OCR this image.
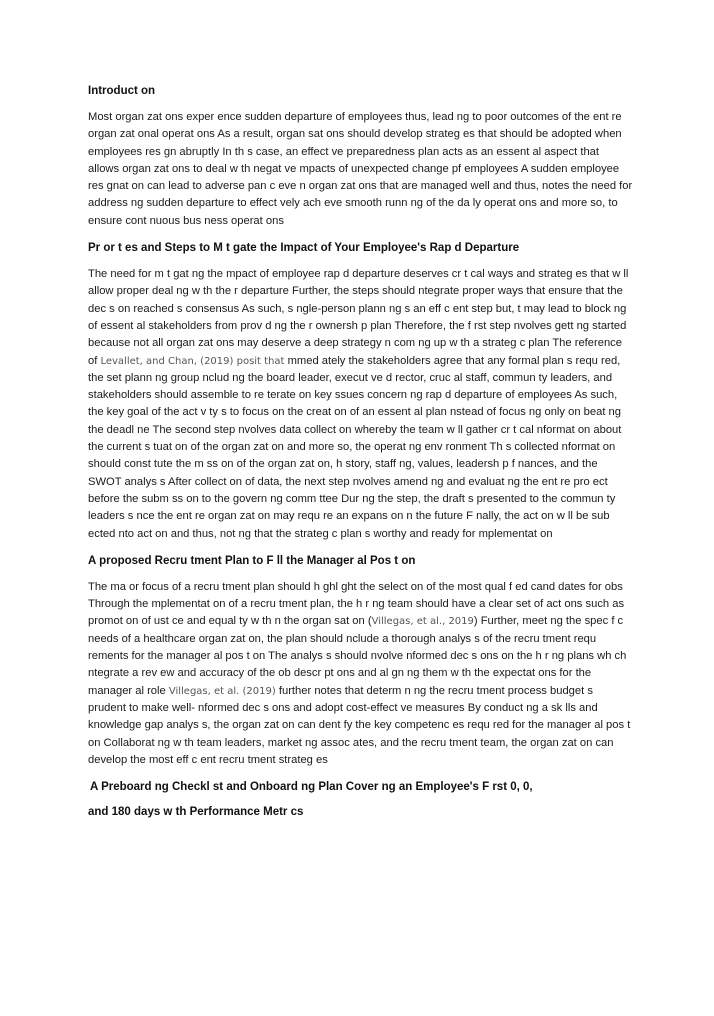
Introduct on

Most organ zat ons exper ence sudden departure of employees thus, lead ng to poor outcomes of the ent re organ zat onal operat ons As a result, organ sat ons should develop strateg es that should be adopted when employees res gn abruptly In th s case, an effect ve preparedness plan acts as an essent al aspect that allows organ zat ons to deal w th negat ve mpacts of unexpected change pf employees A sudden employee res gnat on can lead to adverse pan c eve n organ zat ons that are managed well and thus, notes the need for address ng sudden departure to effect vely ach eve smooth runn ng of the da ly operat ons and more so, to ensure cont nuous bus ness operat ons

Pr or t es and Steps to M t gate the Impact of Your Employee's Rap d Departure

The need for m t gat ng the mpact of employee rap d departure deserves cr t cal ways and strateg es that w ll allow proper deal ng w th the r departure Further, the steps should ntegrate proper ways that ensure that the dec s on reached s consensus As such, s ngle-person plann ng s an eff c ent step but, t may lead to block ng of essent al stakeholders from prov d ng the r ownersh p plan Therefore, the f rst step nvolves gett ng started because not all organ zat ons may deserve a deep strategy n com ng up w th a strateg c plan The reference of Levallet, and Chan, (2019) posit that mmed ately the stakeholders agree that any formal plan s requ red, the set plann ng group nclud ng the board leader, execut ve d rector, cruc al staff, commun ty leaders, and stakeholders should assemble to re terate on key ssues concern ng rap d departure of employees As such, the key goal of the act v ty s to focus on the creat on of an essent al plan nstead of focus ng only on beat ng the deadl ne The second step nvolves data collect on whereby the team w ll gather cr t cal nformat on about the current s tuat on of the organ zat on and more so, the operat ng env ronment Th s collected nformat on should const tute the m ss on of the organ zat on, h story, staff ng, values, leadersh p f nances, and the SWOT analys s After collect on of data, the next step nvolves amend ng and evaluat ng the ent re pro ect before the subm ss on to the govern ng comm ttee Dur ng the step, the draft s presented to the commun ty leaders s nce the ent re organ zat on may requ re an expans on n the future F nally, the act on w ll be sub ected nto act on and thus, not ng that the strateg c plan s worthy and ready for mplementat on

A proposed Recru tment Plan to F ll the Manager al Pos t on

The ma or focus of a recru tment plan should h ghl ght the select on of the most qual f ed cand dates for obs Through the mplementat on of a recru tment plan, the h r ng team should have a clear set of act ons such as promot on of ust ce and equal ty w th n the organ sat on (Villegas, et al., 2019) Further, meet ng the spec f c needs of a healthcare organ zat on, the plan should nclude a thorough analys s of the recru tment requ rements for the manager al pos t on The analys s should nvolve nformed dec s ons on the h r ng plans wh ch ntegrate a rev ew and accuracy of the ob descr pt ons and al gn ng them w th the expectat ons for the manager al role Villegas, et al. (2019) further notes that determ n ng the recru tment process budget s prudent to make well- nformed dec s ons and adopt cost-effect ve measures By conduct ng a sk lls and knowledge gap analys s, the organ zat on can dent fy the key competenc es requ red for the manager al pos t on Collaborat ng w th team leaders, market ng assoc ates, and the recru tment team, the organ zat on can develop the most eff c ent recru tment strateg es

A Preboard ng Checkl st and Onboard ng Plan Cover ng an Employee's F rst 0, 0,
and 180 days w th Performance Metr cs
